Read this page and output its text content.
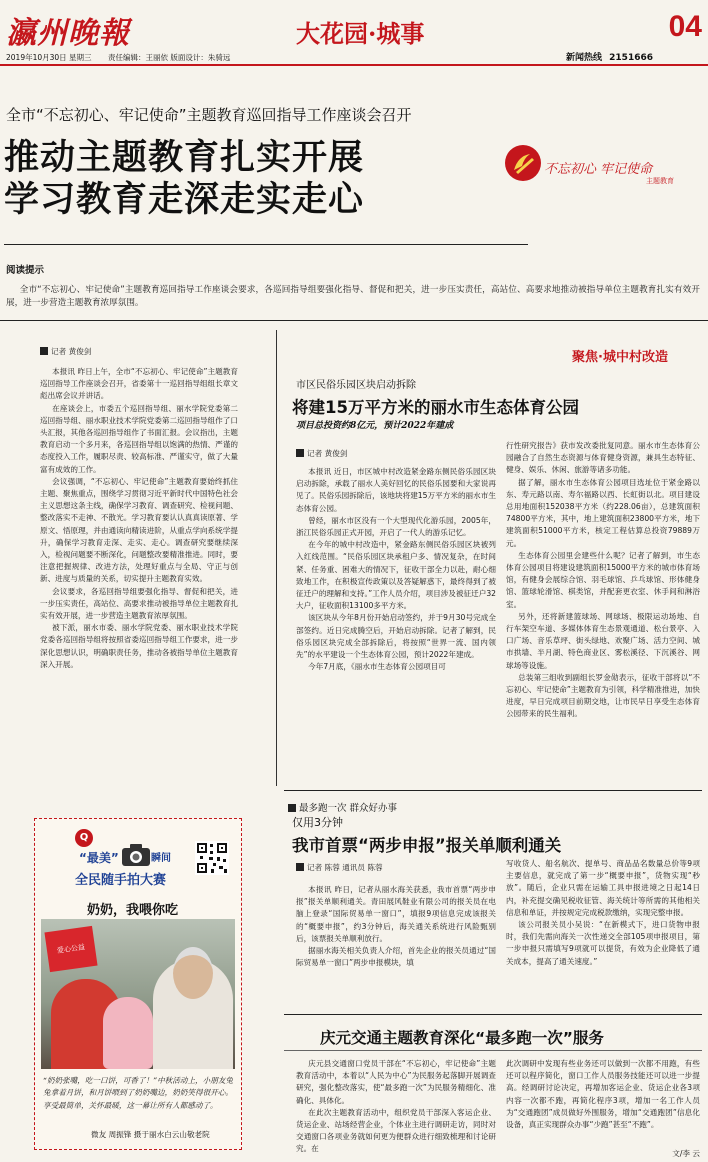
瀛州晚報	大花园·城事	04
2019年10月30日 星期三 责任编辑：王丽依 版面设计：朱骑远	新闻热线 2151666
全市“不忘初心、牢记使命”主题教育巡回指导工作座谈会召开
推动主题教育扎实开展
学习教育走深走实走心
不忘初心 牢记使命
主题教育
阅读提示

全市“不忘初心、牢记使命”主题教育巡回指导工作座谈会要求，各巡回指导组要强化指导、督促和把关，进一步压实责任，高站位、高要求地推动被指导单位主题教育扎实有效开展，进一步营造主题教育浓厚氛围。

记者 黄俊剑

本报讯 昨日上午，全市“不忘初心、牢记使命”主题教育巡回指导工作座谈会召开，省委第十一巡回指导组组长章文彪出席会议并讲话。

在座谈会上，市委五个巡回指导组、丽水学院党委第二巡回指导组、丽水职业技术学院党委第二巡回指导组作了口头汇报，其他各巡回指导组作了书面汇报。会议指出，主题教育启动一个多月来，各巡回指导组以饱满的热情、严谨的态度投入工作，履职尽责、较高标准、严谨实守，做了大量富有成效的工作。

会议强调，“不忘初心、牢记使命”主题教育要始终抓住主题、聚焦重点，围绕学习贯彻习近平新时代中国特色社会主义思想这条主线，确保学习教育、调查研究、检视问题、整改落实不走神、不散光。学习教育要认认真真读原著、学原文、悟原理，并由通读向精读进阶，从重点学向系统学提升，确保学习教育走深、走实、走心。调查研究要继续深入，检视问题要不断深化，问题整改要精准推进。同时，要注意把握规律、改进方法，处理好重点与全局、守正与创新、进度与质量的关系，切实提升主题教育实效。

会议要求，各巡回指导组要强化指导、督促和把关，进一步压实责任，高站位、高要求推动被指导单位主题教育扎实有效开展，进一步营造主题教育浓厚氛围。

被下派，丽水市委、丽水学院党委、丽水职业技术学院党委各巡回指导组将按照省委巡回指导组工作要求，进一步深化思想认识，明确职责任务，推动各被指导单位主题教育深入开展。

Q
“最美”	瞬间
全民随手拍大赛
奶奶，我喂你吃
爱心公益

“奶奶张嘴，吃一口饼，可香了！”中秋活动上，小朋友兔兔拿着月饼，和月饼喂到了奶奶嘴边，奶奶笑得很开心。享受最简单，关怀最暖，这一幕让所有人都感动了。

微友 周振锋 摄于丽水白云山敬老院
聚焦·城中村改造
市区民俗乐园区块启动拆除
将建15万平方米的丽水市生态体育公园
项目总投资约8亿元，预计2022年建成
记者 黄俊剑

本报讯 近日，市区城中村改造紧金路东侧民俗乐园区块启动拆除，承载了丽水人美好回忆的民俗乐园要和大家说再见了。民俗乐园拆除后，该地块将建15万平方米的丽水市生态体育公园。

曾经，丽水市区没有一个大型现代化游乐园，2005年，浙江民俗乐园正式开园，开启了一代人的游乐记忆。

在今年的城中村改造中，紧金路东侧民俗乐园区块被列入红线范围。“民俗乐园区块承租户多、情况复杂，在时间紧、任务重、困难大的情况下，征收干部全力以赴，耐心细致地工作，在积极宣传政策以及答疑解惑下，最终得到了被征迁户的理解和支持。”工作人员介绍，项目涉及被征迁户32大户，征收面积13100多平方米。

该区块从今年8月份开始启动签约，并于9月30号完成全部签约。近日完成腾空后，开始启动拆除。记者了解到，民俗乐园区块完成全部拆除后，将按照“世界一流、国内领先”的水平建设一个生态体育公园，预计2022年建成。

今年7月底，《丽水市生态体育公园项目可

行性研究报告》获市发改委批复同意。丽水市生态体育公园融合了自然生态资源与体育健身资源，兼具生态特征、健身、娱乐、休闲、旅游等诸多功能。

据了解，丽水市生态体育公园项目选址位于紧金路以东、寿元路以南、寿尔福路以西、长虹街以北。项目建设总用地面积152038平方米（约228.06亩），总建筑面积74800平方米，其中，地上建筑面积23800平方米，地下建筑面积51000平方米，核定工程估算总投资79889万元。

生态体育公园里会建些什么呢？记者了解到，市生态体育公园项目将建设建筑面积15000平方米的城市体育场馆，有健身会展综合馆、羽毛球馆、乒乓球馆、形体健身馆、篮球轮滑馆、棋类馆，并配套更衣室、休手间和淋浴室。

另外，还将新建篮球场、网球场、极限运动场地、自行车架空车道、多媒体体育生态景观通道、松台景亭、入口广场、音乐草坪、街头绿地、欢聚广场、活力空间、城市拱墙、半月湖、特色商业区、雾松溪径、下沉溪谷、网球场等设施。

总装第三组收到副组长罗金勋表示，征收干部将以“不忘初心、牢记使命”主题教育为引领，科学精准推进，加快进度，早日完成项目前期交地，让市民早日享受生态体育公园带来的民生福利。

最多跑一次 群众好办事
仅用3分钟
我市首票“两步申报”报关单顺利通关
记者 陈蓉 通讯员 陈蓉

本报讯 昨日，记者从丽水海关获悉，我市首票“两步申报”报关单顺利通关。青田展风鞋业有限公司的报关员在电脑上登录“国际贸易单一窗口”，填报9项信息完成该报关的“概要申报”，约3分钟后，海关通关系统进行风险甄别后，该票报关单顺利放行。

据丽水海关相关负责人介绍，首先企业的报关员通过“国际贸易单一窗口”两步申报模块，填

写收货人、船名航次、提单号、商品品名数量总价等9项主要信息，就完成了第一步“概要申报”，货物实现“秒放”。随后，企业只需在运输工具申报进境之日起14日内，补充提交确见税收征管、海关统计等所需的其他相关信息和单证，并按规定完成税款缴纳，实现完整申报。

该公司报关员小吴说：“在新模式下，进口货物申报时，我们先需向海关一次性递交全部105项申报项目，第一步申报只需填写9项就可以提货，有效为企业降低了通关成本，提高了通关速度。”

庆元交通主题教育深化“最多跑一次”服务

庆元县交通窗口党员干部在“不忘初心，牢记使命”主题教育活动中，本着以“人民为中心”为民服务起落脚开展调查研究，强化整改落实，使“最多跑一次”为民服务精细化、准确化、具体化。

在此次主题教育活动中，组织党员干部深入客运企业、货运企业、站场经营企业，个体业主进行调研走访，同时对交通窗口各项业务就如何更为便群众进行细致梳理和讨论研究。在

此次调研中发现有些业务还可以做到一次都不用跑，有些还可以程序简化，窗口工作人员服务技能还可以进一步提高。经调研讨论决定，再增加客运企业、货运企业各3项内容一次都不跑，再简化程序3项，增加一名工作人员为“交通跑团”成员做好外围服务，增加“交通跑团”信息化设备，真正实现群众办事“少跑”甚至“不跑”。

文/李 云
